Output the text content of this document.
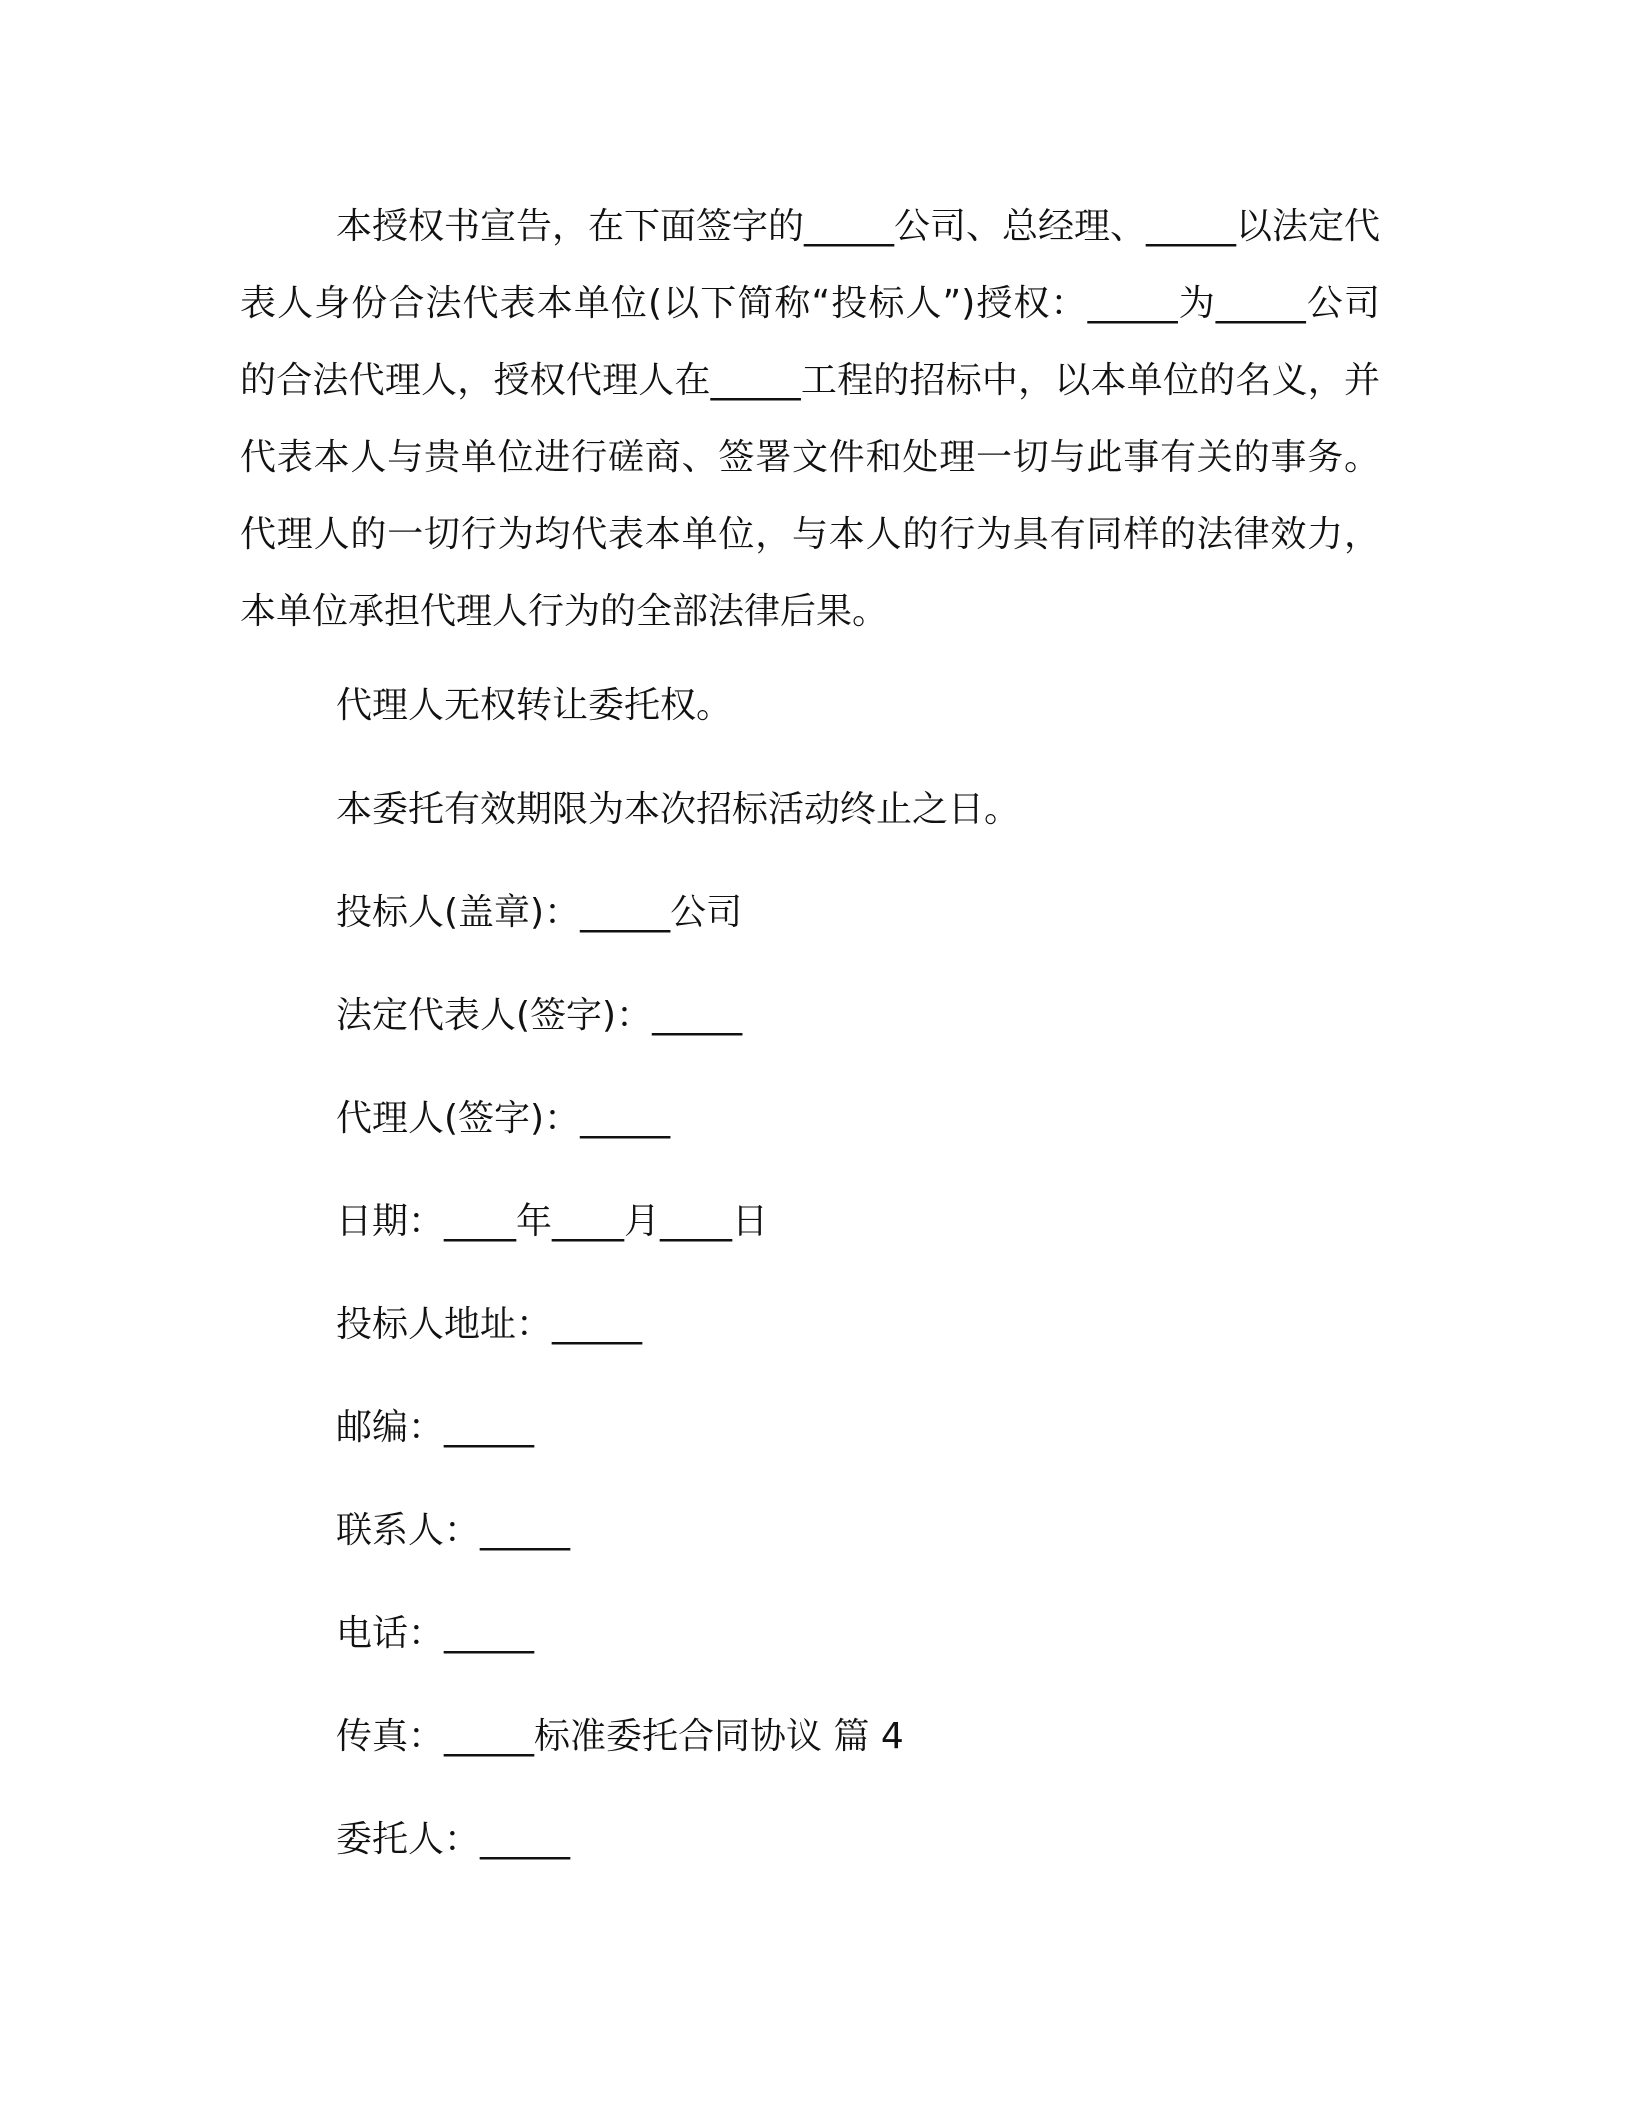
本授权书宣告，在下面签字的_____公司、总经理、_____以法定代表人身份合法代表本单位(以下简称“投标人”)授权：_____为_____公司的合法代理人，授权代理人在_____工程的招标中，以本单位的名义，并代表本人与贵单位进行磋商、签署文件和处理一切与此事有关的事务。代理人的一切行为均代表本单位，与本人的行为具有同样的法律效力，本单位承担代理人行为的全部法律后果。

代理人无权转让委托权。

本委托有效期限为本次招标活动终止之日。

投标人(盖章)：_____公司

法定代表人(签字)：_____

代理人(签字)：_____

日期：____年____月____日

投标人地址：_____

邮编：_____

联系人：_____

电话：_____

传真：_____标准委托合同协议 篇 4

委托人：_____
